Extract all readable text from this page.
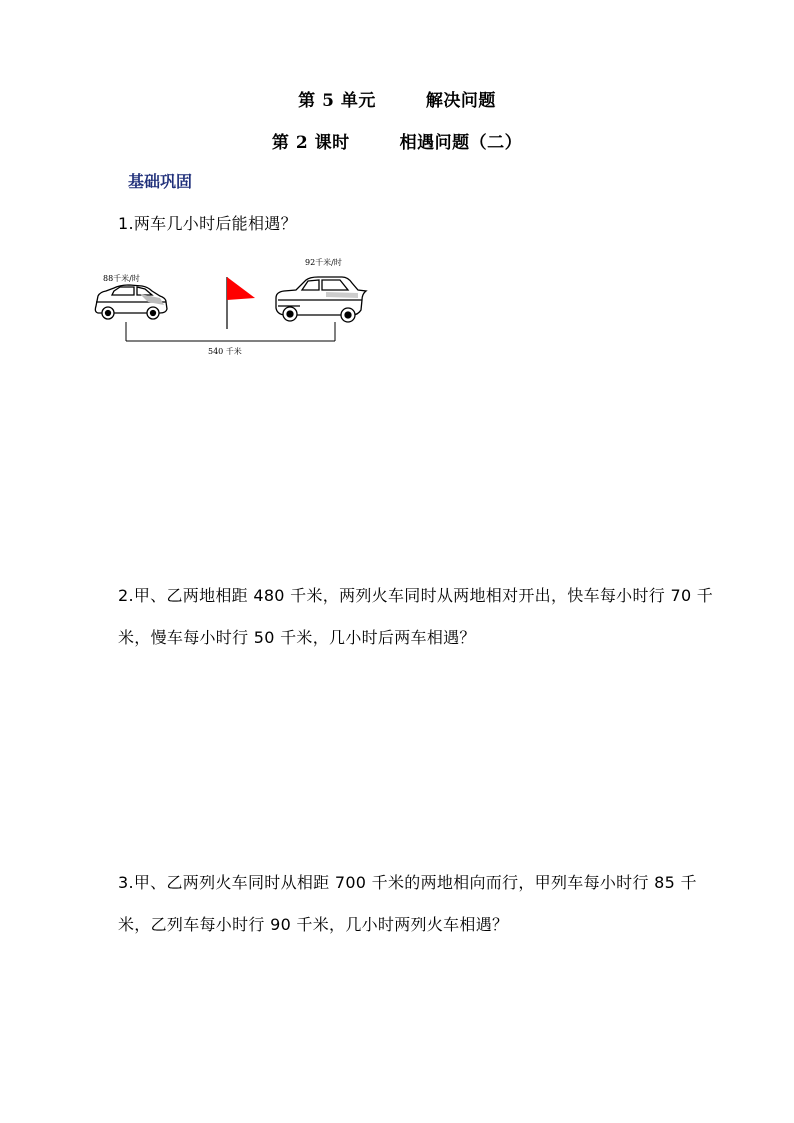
第 5 单元	解决问题
第 2 课时	相遇问题（二）
基础巩固
1.两车几小时后能相遇？
88千米/时
92千米/时
540 千米
2.甲、乙两地相距 480 千米，两列火车同时从两地相对开出，快车每小时行 70 千米，慢车每小时行 50 千米，几小时后两车相遇？
3.甲、乙两列火车同时从相距 700 千米的两地相向而行，甲列车每小时行 85 千米，乙列车每小时行 90 千米，几小时两列火车相遇？
